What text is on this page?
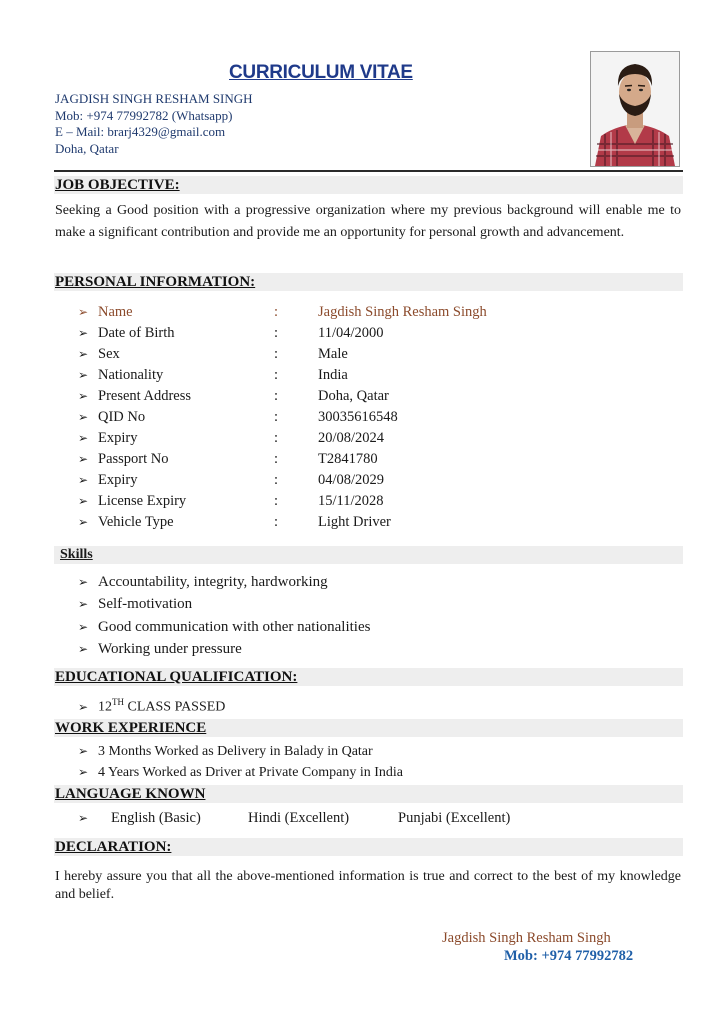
CURRICULUM VITAE
JAGDISH SINGH RESHAM SINGH
Mob: +974 77992782 (Whatsapp)
E – Mail: brarj4329@gmail.com
Doha, Qatar
JOB OBJECTIVE:
Seeking a Good position with a progressive organization where my previous background will enable me to make a significant contribution and provide me an opportunity for personal growth and advancement.
PERSONAL INFORMATION:
➢ Name	:	Jagdish Singh Resham Singh
➢ Date of Birth	:	11/04/2000
➢ Sex	:	Male
➢ Nationality	:	India
➢ Present Address	:	Doha, Qatar
➢ QID No	:	30035616548
➢ Expiry	:	20/08/2024
➢ Passport No	:	T2841780
➢ Expiry	:	04/08/2029
➢ License Expiry	:	15/11/2028
➢ Vehicle Type	:	Light Driver
Skills
➢ Accountability, integrity, hardworking
➢ Self-motivation
➢ Good communication with other nationalities
➢ Working under pressure
EDUCATIONAL QUALIFICATION:
➢ 12TH CLASS PASSED
WORK EXPERIENCE
➢ 3 Months Worked as Delivery in Balady in Qatar
➢ 4 Years Worked as Driver at Private Company in India
LANGUAGE KNOWN
➢ English (Basic)	Hindi (Excellent)	Punjabi (Excellent)
DECLARATION:
I hereby assure you that all the above-mentioned information is true and correct to the best of my knowledge and belief.
Jagdish Singh Resham Singh
Mob: +974 77992782
